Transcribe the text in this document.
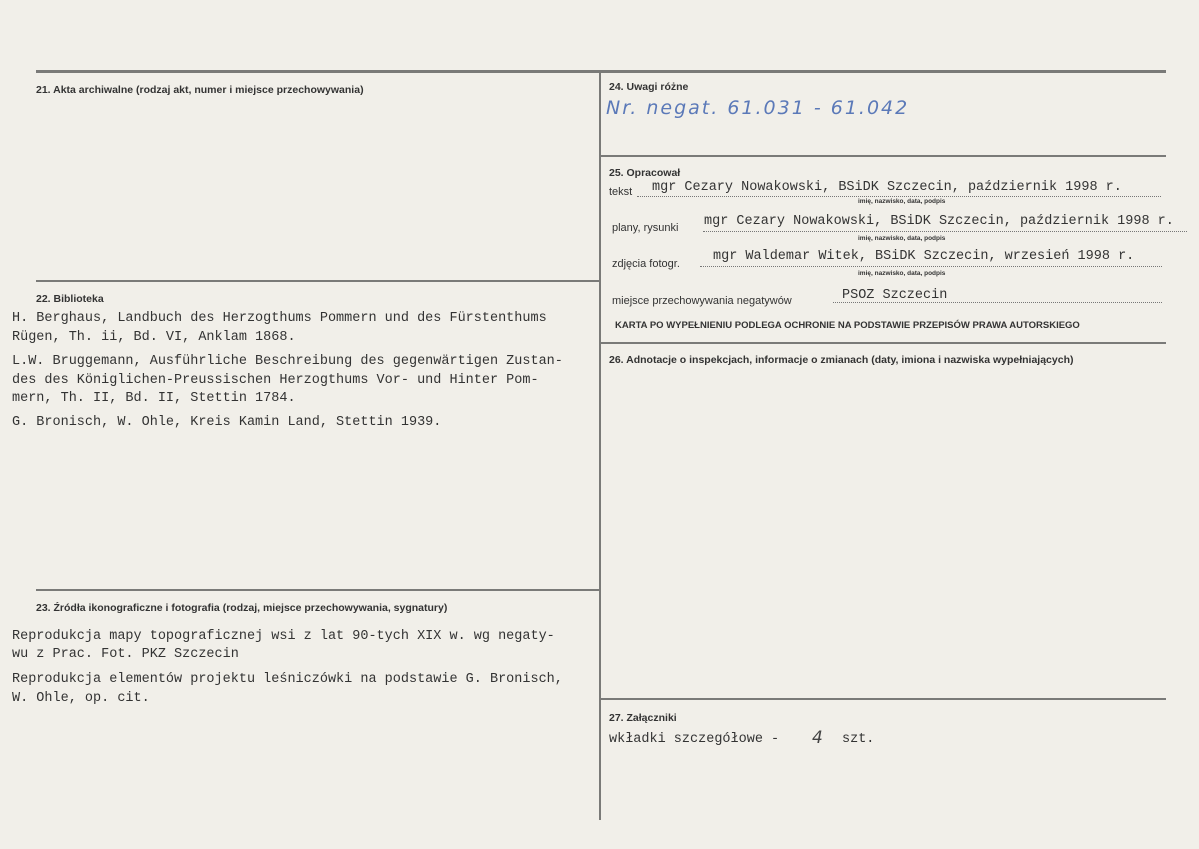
21. Akta archiwalne (rodzaj akt, numer i miejsce przechowywania)
22. Biblioteka
H. Berghaus, Landbuch des Herzogthums Pommern und des Fürstenthums
Rügen, Th. ii, Bd. VI, Anklam 1868.
L.W. Bruggemann, Ausführliche Beschreibung des gegenwärtigen Zustan-
des des Königlichen-Preussischen Herzogthums Vor- und Hinter Pom-
mern, Th. II, Bd. II, Stettin 1784.
G. Bronisch, W. Ohle, Kreis Kamin Land, Stettin 1939.
23. Źródła ikonograficzne i fotografia (rodzaj, miejsce przechowywania, sygnatury)
Reprodukcja mapy topograficznej wsi z lat 90-tych XIX w. wg negaty-
wu z Prac. Fot. PKZ Szczecin
Reprodukcja elementów projektu leśniczówki na podstawie G. Bronisch,
W. Ohle, op. cit.
24. Uwagi różne
Nr. negat. 61.031 - 61.042
25. Opracował
tekst mgr Cezary Nowakowski, BSiDK Szczecin, październik 1998 r.
imię, nazwisko, data, podpis
plany, rysunki mgr Cezary Nowakowski, BSiDK Szczecin, październik 1998 r.
imię, nazwisko, data, podpis
zdjęcia fotogr. mgr Waldemar Witek, BSiDK Szczecin, wrzesień 1998 r.
imię, nazwisko, data, podpis
miejsce przechowywania negatywów	PSOZ Szczecin
KARTA PO WYPEŁNIENIU PODLEGA OCHRONIE NA PODSTAWIE PRZEPISÓW PRAWA AUTORSKIEGO
26. Adnotacje o inspekcjach, informacje o zmianach (daty, imiona i nazwiska wypełniających)
27. Załączniki
wkładki szczegółowe - 4 szt.
